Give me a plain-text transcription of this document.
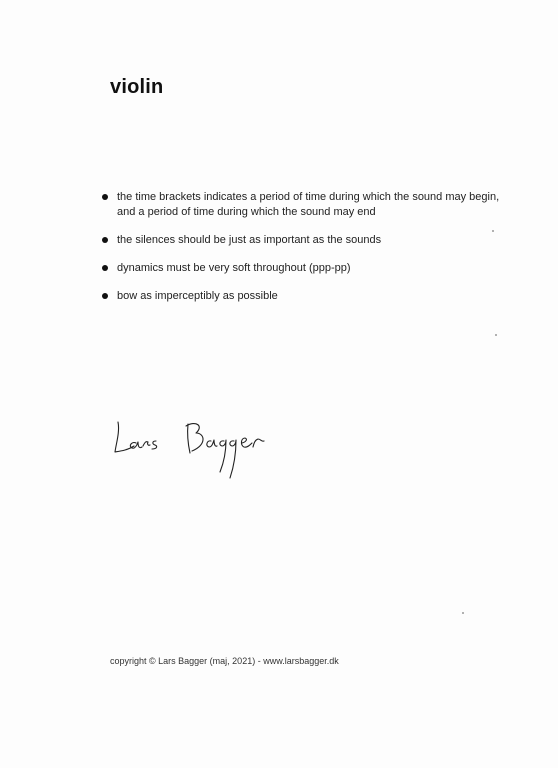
violin
the time brackets indicates a period of time during which the sound may begin, and a period of time during which the sound may end
the silences should be just as important as the sounds
dynamics must be very soft throughout (ppp-pp)
bow as imperceptibly as possible
copyright © Lars Bagger (maj, 2021) - www.larsbagger.dk
